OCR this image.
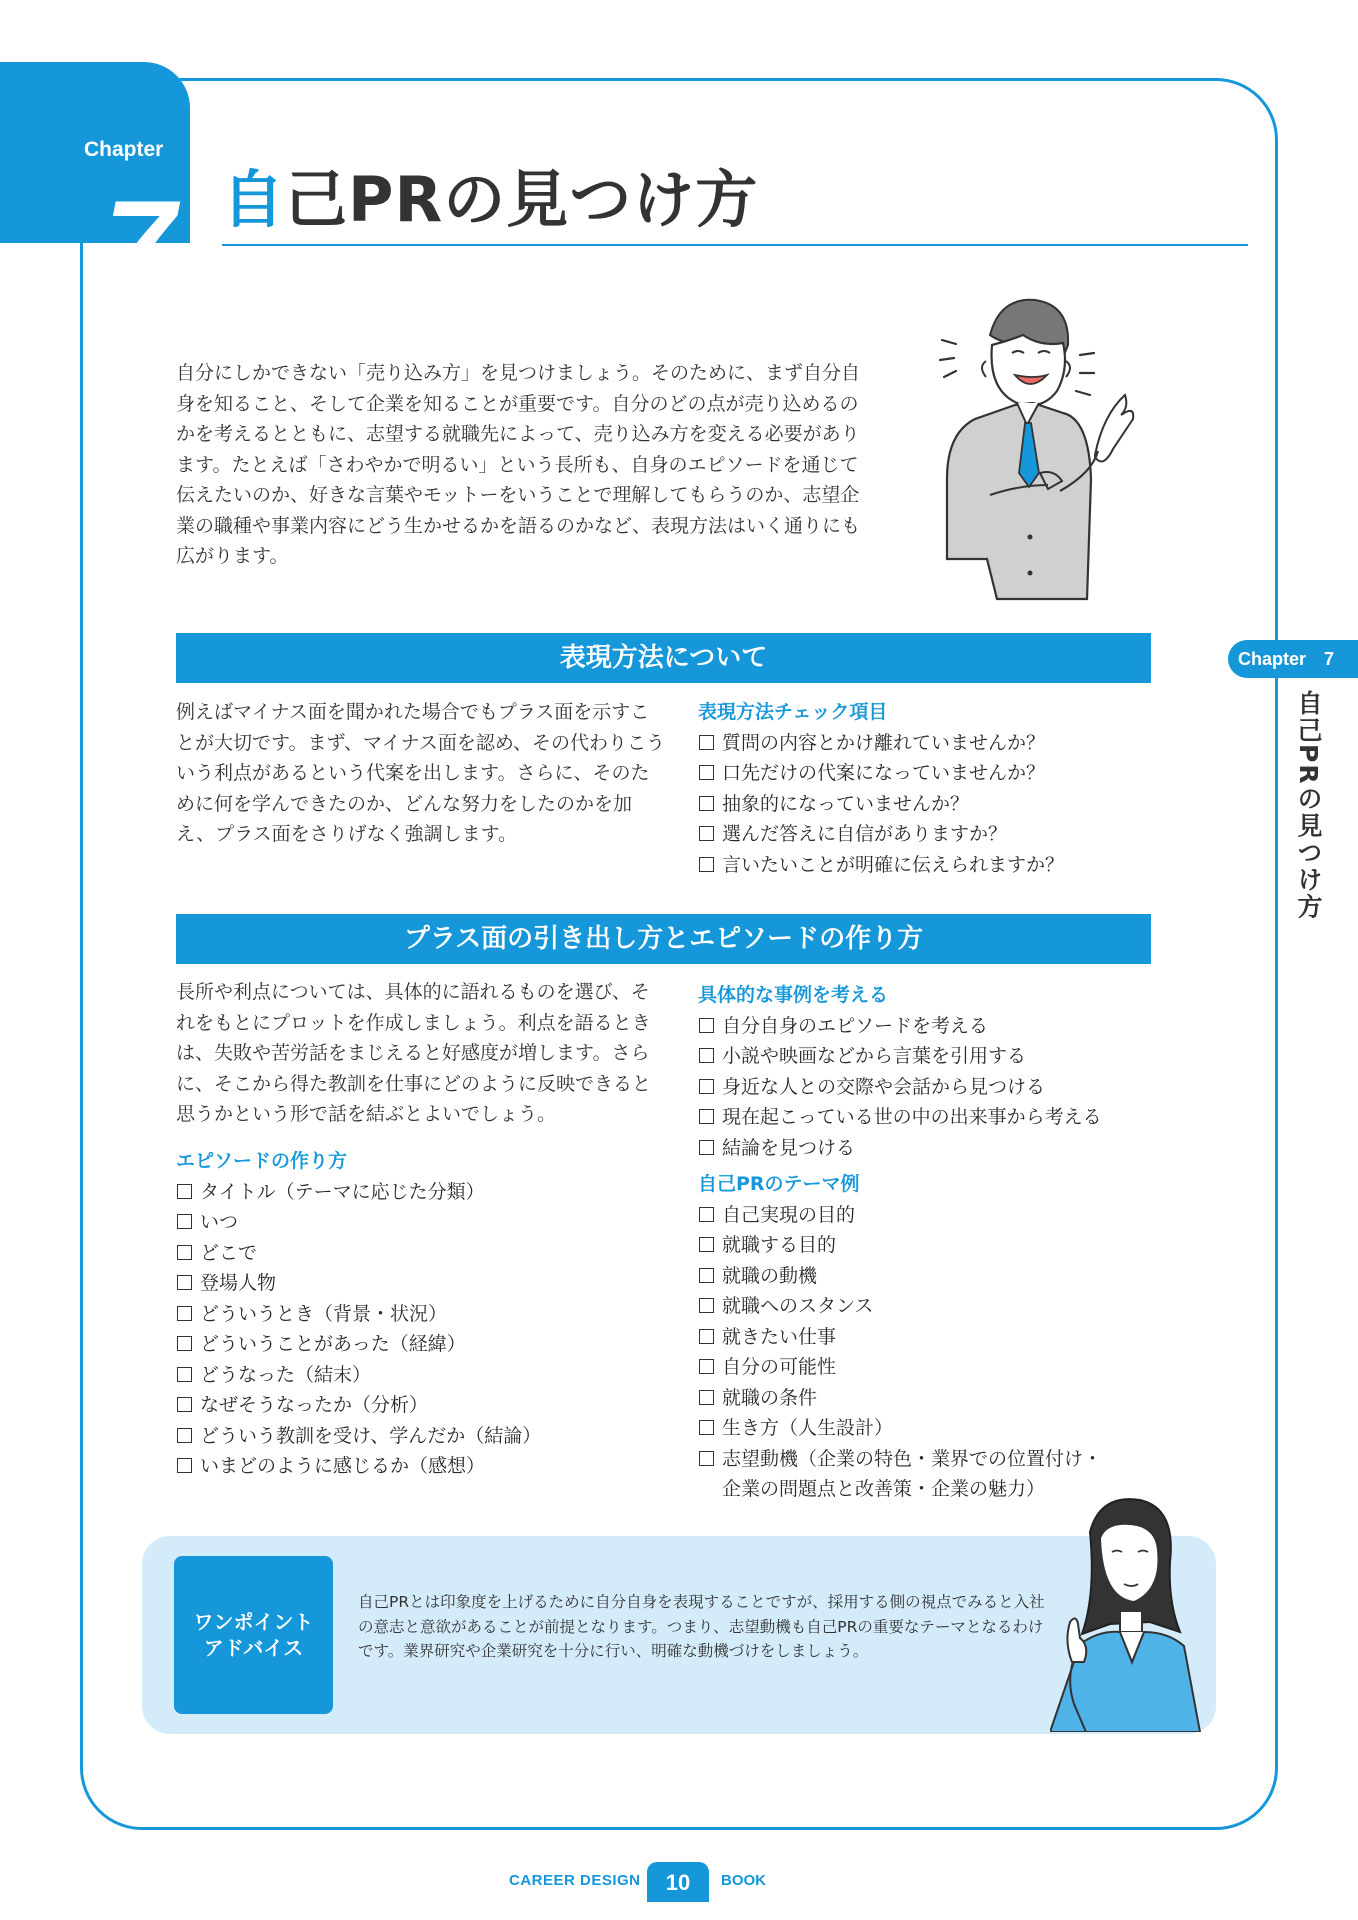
Chapter
7 自己PRの見つけ方
自分にしかできない「売り込み方」を見つけましょう。そのために、まず自分自身を知ること、そして企業を知ることが重要です。自分のどの点が売り込めるのかを考えるとともに、志望する就職先によって、売り込み方を変える必要があります。たとえば「さわやかで明るい」という長所も、自身のエピソードを通じて伝えたいのか、好きな言葉やモットーをいうことで理解してもらうのか、志望企業の職種や事業内容にどう生かせるかを語るのかなど、表現方法はいく通りにも広がります。
Chapter　7
自己PRの見つけ方
表現方法について
例えばマイナス面を聞かれた場合でもプラス面を示すことが大切です。まず、マイナス面を認め、その代わりこういう利点があるという代案を出します。さらに、そのために何を学んできたのか、どんな努力をしたのかを加え、プラス面をさりげなく強調します。
表現方法チェック項目
質問の内容とかけ離れていませんか？
口先だけの代案になっていませんか？
抽象的になっていませんか？
選んだ答えに自信がありますか？
言いたいことが明確に伝えられますか？
プラス面の引き出し方とエピソードの作り方
長所や利点については、具体的に語れるものを選び、それをもとにプロットを作成しましょう。利点を語るときは、失敗や苦労話をまじえると好感度が増します。さらに、そこから得た教訓を仕事にどのように反映できると思うかという形で話を結ぶとよいでしょう。
エピソードの作り方
タイトル（テーマに応じた分類）
いつ
どこで
登場人物
どういうとき（背景・状況）
どういうことがあった（経緯）
どうなった（結末）
なぜそうなったか（分析）
どういう教訓を受け、学んだか（結論）
いまどのように感じるか（感想）
具体的な事例を考える
自分自身のエピソードを考える
小説や映画などから言葉を引用する
身近な人との交際や会話から見つける
現在起こっている世の中の出来事から考える
結論を見つける
自己PRのテーマ例
自己実現の目的
就職する目的
就職の動機
就職へのスタンス
就きたい仕事
自分の可能性
就職の条件
生き方（人生設計）
志望動機（企業の特色・業界での位置付け・
企業の問題点と改善策・企業の魅力）
ワンポイント
アドバイス
自己PRとは印象度を上げるために自分自身を表現することですが、採用する側の視点でみると入社の意志と意欲があることが前提となります。つまり、志望動機も自己PRの重要なテーマとなるわけです。業界研究や企業研究を十分に行い、明確な動機づけをしましょう。
CAREER DESIGN	10	BOOK
